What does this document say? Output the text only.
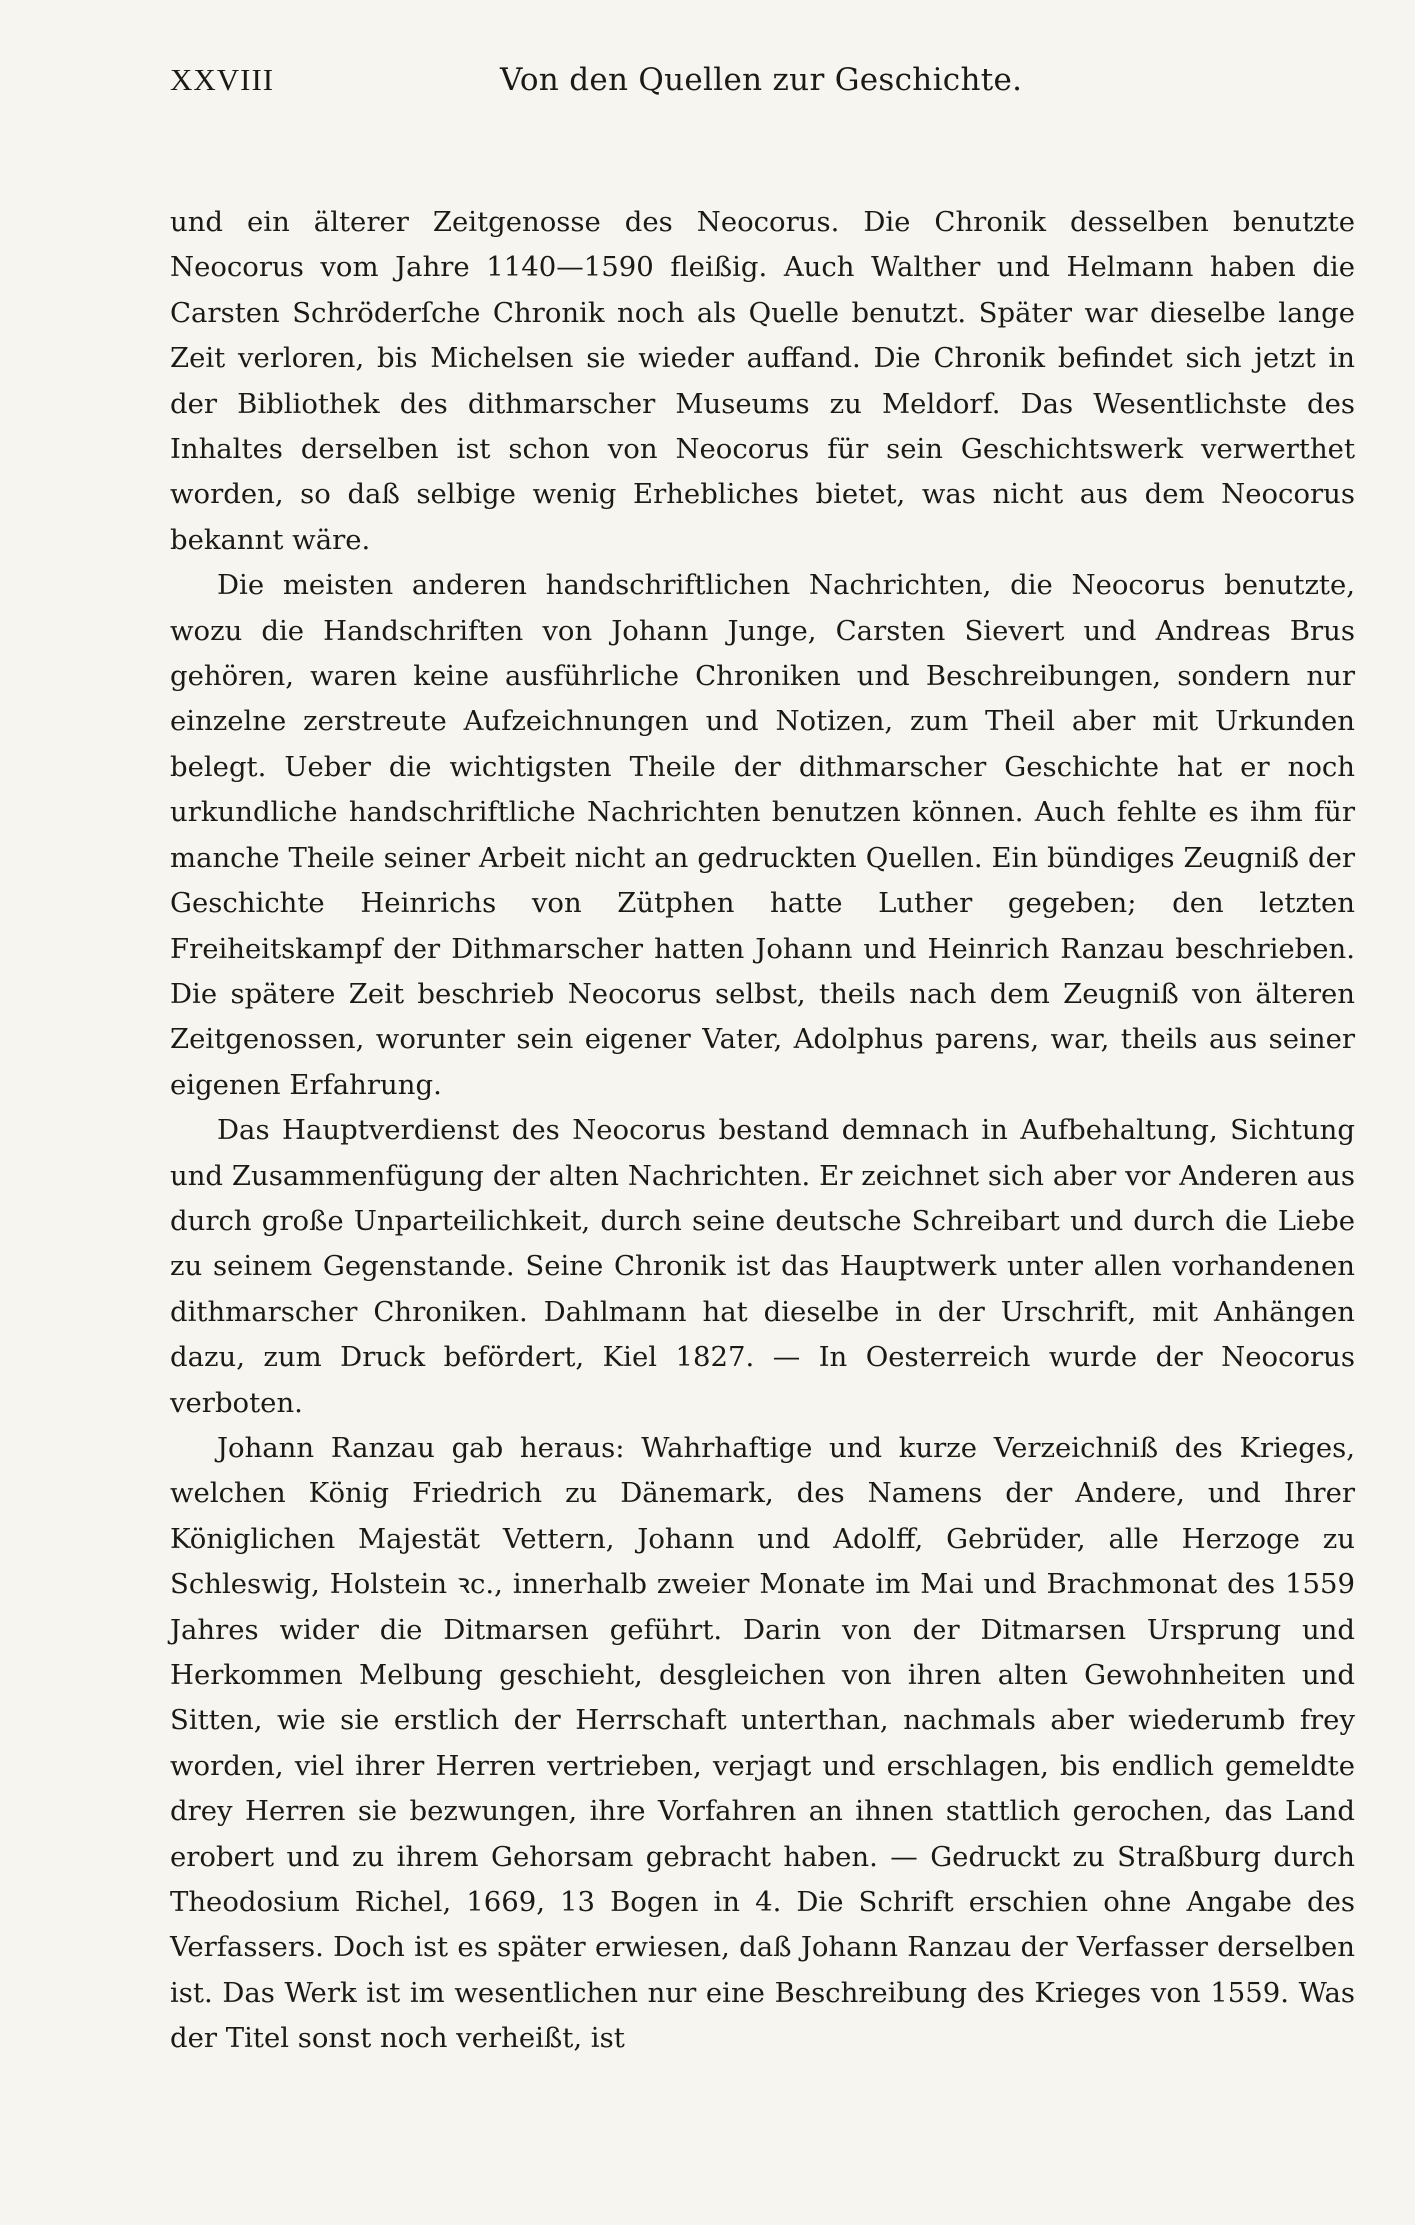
XXVIII	Von den Quellen zur Geschichte.

und ein älterer Zeitgenosse des Neocorus. Die Chronik desselben benutzte Neocorus vom Jahre 1140—1590 fleißig. Auch Walther und Helmann haben die Carsten Schröderſche Chronik noch als Quelle benutzt. Später war dieselbe lange Zeit verloren, bis Michelsen sie wieder auffand. Die Chronik befindet sich jetzt in der Bibliothek des dithmarscher Museums zu Meldorf. Das Wesentlichste des Inhaltes derselben ist schon von Neocorus für sein Geschichtswerk verwerthet worden, so daß selbige wenig Erhebliches bietet, was nicht aus dem Neocorus bekannt wäre.

Die meisten anderen handschriftlichen Nachrichten, die Neocorus benutzte, wozu die Handschriften von Johann Junge, Carsten Sievert und Andreas Brus gehören, waren keine ausführliche Chroniken und Beschreibungen, sondern nur einzelne zerstreute Aufzeichnungen und Notizen, zum Theil aber mit Urkunden belegt. Ueber die wichtigsten Theile der dithmarscher Geschichte hat er noch urkundliche handschriftliche Nachrichten benutzen können. Auch fehlte es ihm für manche Theile seiner Arbeit nicht an gedruckten Quellen. Ein bündiges Zeugniß der Geschichte Heinrichs von Zütphen hatte Luther gegeben; den letzten Freiheitskampf der Dithmarscher hatten Johann und Heinrich Ranzau beschrieben. Die spätere Zeit beschrieb Neocorus selbst, theils nach dem Zeugniß von älteren Zeitgenossen, worunter sein eigener Vater, Adolphus parens, war, theils aus seiner eigenen Erfahrung.

Das Hauptverdienst des Neocorus bestand demnach in Aufbehaltung, Sichtung und Zusammenfügung der alten Nachrichten. Er zeichnet sich aber vor Anderen aus durch große Unparteilichkeit, durch seine deutsche Schreibart und durch die Liebe zu seinem Gegenstande. Seine Chronik ist das Hauptwerk unter allen vorhandenen dithmarscher Chroniken. Dahlmann hat dieselbe in der Urschrift, mit Anhängen dazu, zum Druck befördert, Kiel 1827. — In Oesterreich wurde der Neocorus verboten.

Johann Ranzau gab heraus: Wahrhaftige und kurze Verzeichniß des Krieges, welchen König Friedrich zu Dänemark, des Namens der Andere, und Ihrer Königlichen Majestät Vettern, Johann und Adolff, Gebrüder, alle Herzoge zu Schleswig, Holstein ꝛc., innerhalb zweier Monate im Mai und Brachmonat des 1559 Jahres wider die Ditmarsen geführt. Darin von der Ditmarsen Ursprung und Herkommen Melbung geschieht, desgleichen von ihren alten Gewohnheiten und Sitten, wie sie erstlich der Herrschaft unterthan, nachmals aber wiederumb frey worden, viel ihrer Herren vertrieben, verjagt und erschlagen, bis endlich gemeldte drey Herren sie bezwungen, ihre Vorfahren an ihnen stattlich gerochen, das Land erobert und zu ihrem Gehorsam gebracht haben. — Gedruckt zu Straßburg durch Theodosium Richel, 1669, 13 Bogen in 4. Die Schrift erschien ohne Angabe des Verfassers. Doch ist es später erwiesen, daß Johann Ranzau der Verfasser derselben ist. Das Werk ist im wesentlichen nur eine Beschreibung des Krieges von 1559. Was der Titel sonst noch verheißt, ist
